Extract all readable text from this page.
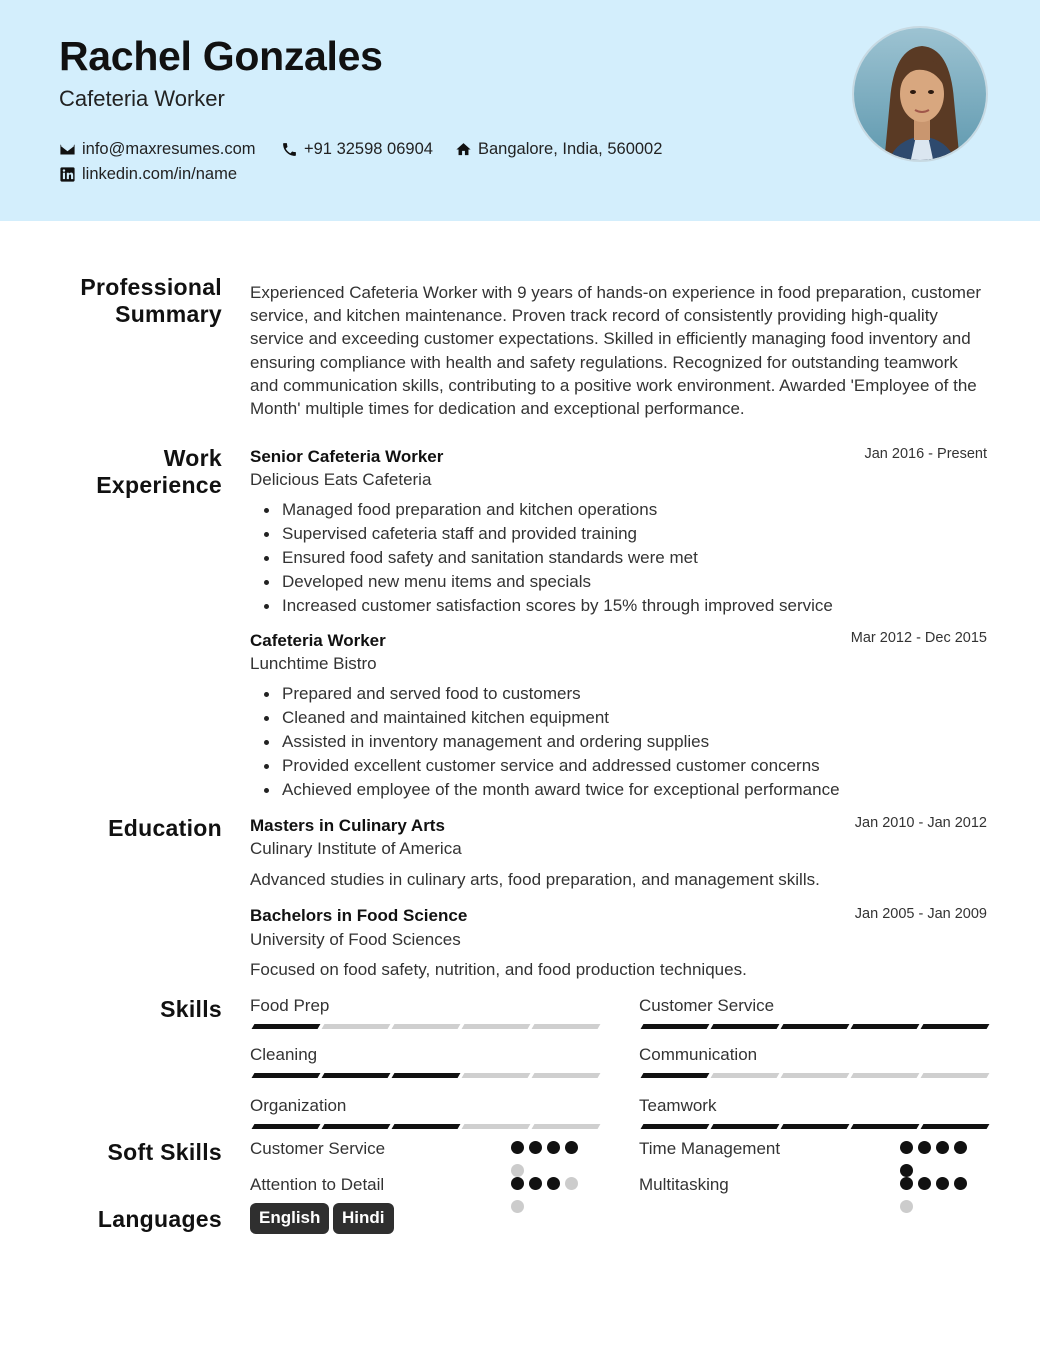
Rachel Gonzales
Cafeteria Worker
info@maxresumes.com	+91 32598 06904	Bangalore, India, 560002
linkedin.com/in/name
Professional Summary
Experienced Cafeteria Worker with 9 years of hands-on experience in food preparation, customer service, and kitchen maintenance. Proven track record of consistently providing high-quality service and exceeding customer expectations. Skilled in efficiently managing food inventory and ensuring compliance with health and safety regulations. Recognized for outstanding teamwork and communication skills, contributing to a positive work environment. Awarded 'Employee of the Month' multiple times for dedication and exceptional performance.
Work Experience
Senior Cafeteria Worker	Jan 2016 - Present
Delicious Eats Cafeteria
Managed food preparation and kitchen operations
Supervised cafeteria staff and provided training
Ensured food safety and sanitation standards were met
Developed new menu items and specials
Increased customer satisfaction scores by 15% through improved service
Cafeteria Worker	Mar 2012 - Dec 2015
Lunchtime Bistro
Prepared and served food to customers
Cleaned and maintained kitchen equipment
Assisted in inventory management and ordering supplies
Provided excellent customer service and addressed customer concerns
Achieved employee of the month award twice for exceptional performance
Education Masters in Culinary Arts	Jan 2010 - Jan 2012
Culinary Institute of America
Advanced studies in culinary arts, food preparation, and management skills.
Bachelors in Food Science	Jan 2005 - Jan 2009
University of Food Sciences
Focused on food safety, nutrition, and food production techniques.
Skills Food Prep	Customer Service
Cleaning	Communication
Organization	Teamwork
Soft Skills Customer Service	Time Management
Attention to Detail	Multitasking
Languages	English	Hindi
